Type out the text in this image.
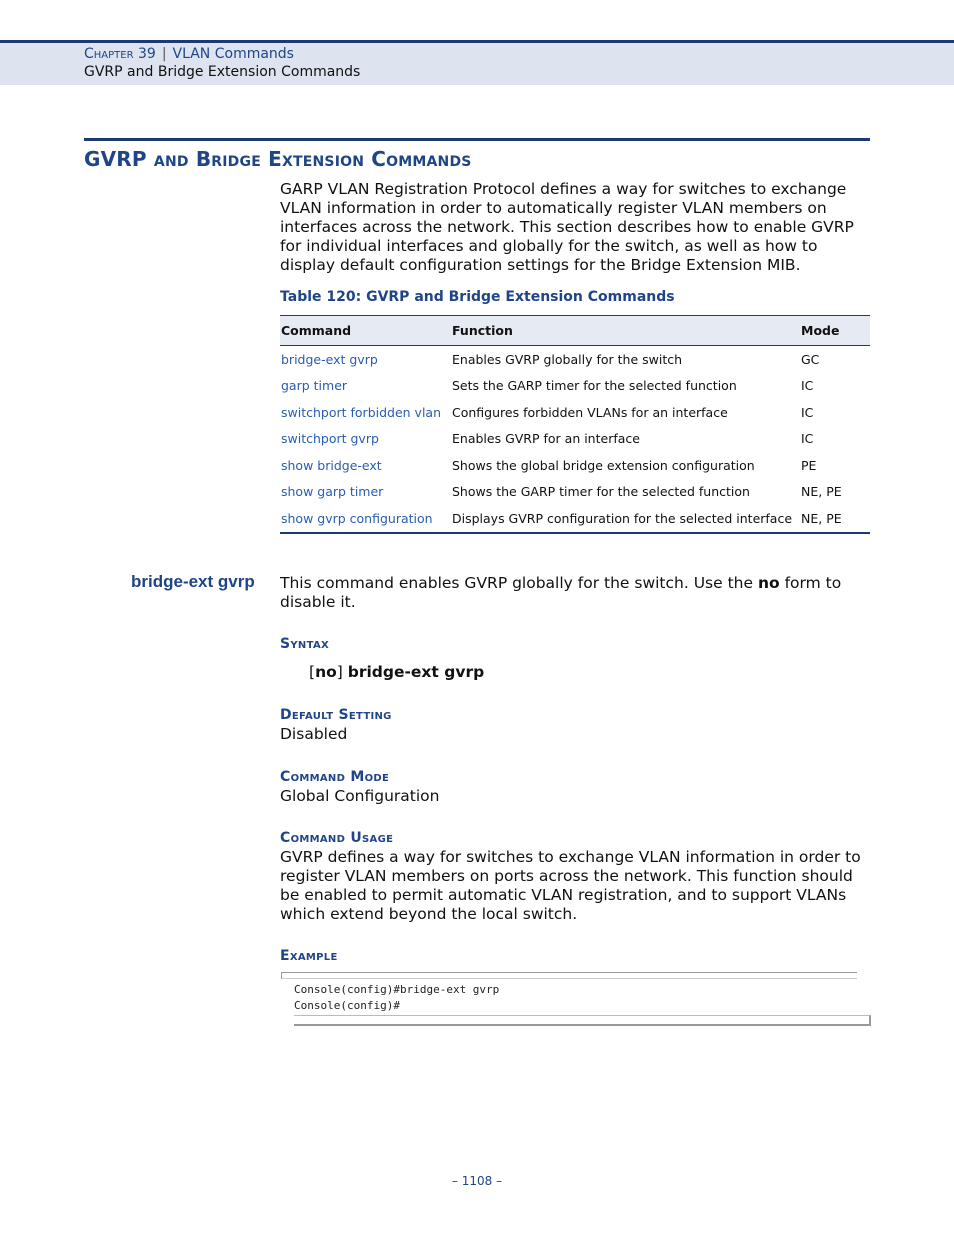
Chapter 39 | VLAN Commands
GVRP and Bridge Extension Commands
GVRP and Bridge Extension Commands
GARP VLAN Registration Protocol defines a way for switches to exchange VLAN information in order to automatically register VLAN members on interfaces across the network. This section describes how to enable GVRP for individual interfaces and globally for the switch, as well as how to display default configuration settings for the Bridge Extension MIB.
Table 120: GVRP and Bridge Extension Commands
Command	Function	Mode
bridge-ext gvrp	Enables GVRP globally for the switch	GC
garp timer	Sets the GARP timer for the selected function	IC
switchport forbidden vlan	Configures forbidden VLANs for an interface	IC
switchport gvrp	Enables GVRP for an interface	IC
show bridge-ext	Shows the global bridge extension configuration	PE
show garp timer	Shows the GARP timer for the selected function	NE, PE
show gvrp configuration	Displays GVRP configuration for the selected interface	NE, PE
bridge-ext gvrp This command enables GVRP globally for the switch. Use the no form to disable it.
Syntax
[no] bridge-ext gvrp
Default Setting
Disabled
Command Mode
Global Configuration
Command Usage
GVRP defines a way for switches to exchange VLAN information in order to register VLAN members on ports across the network. This function should be enabled to permit automatic VLAN registration, and to support VLANs which extend beyond the local switch.
Example
Console(config)#bridge-ext gvrp
Console(config)#
– 1108 –
